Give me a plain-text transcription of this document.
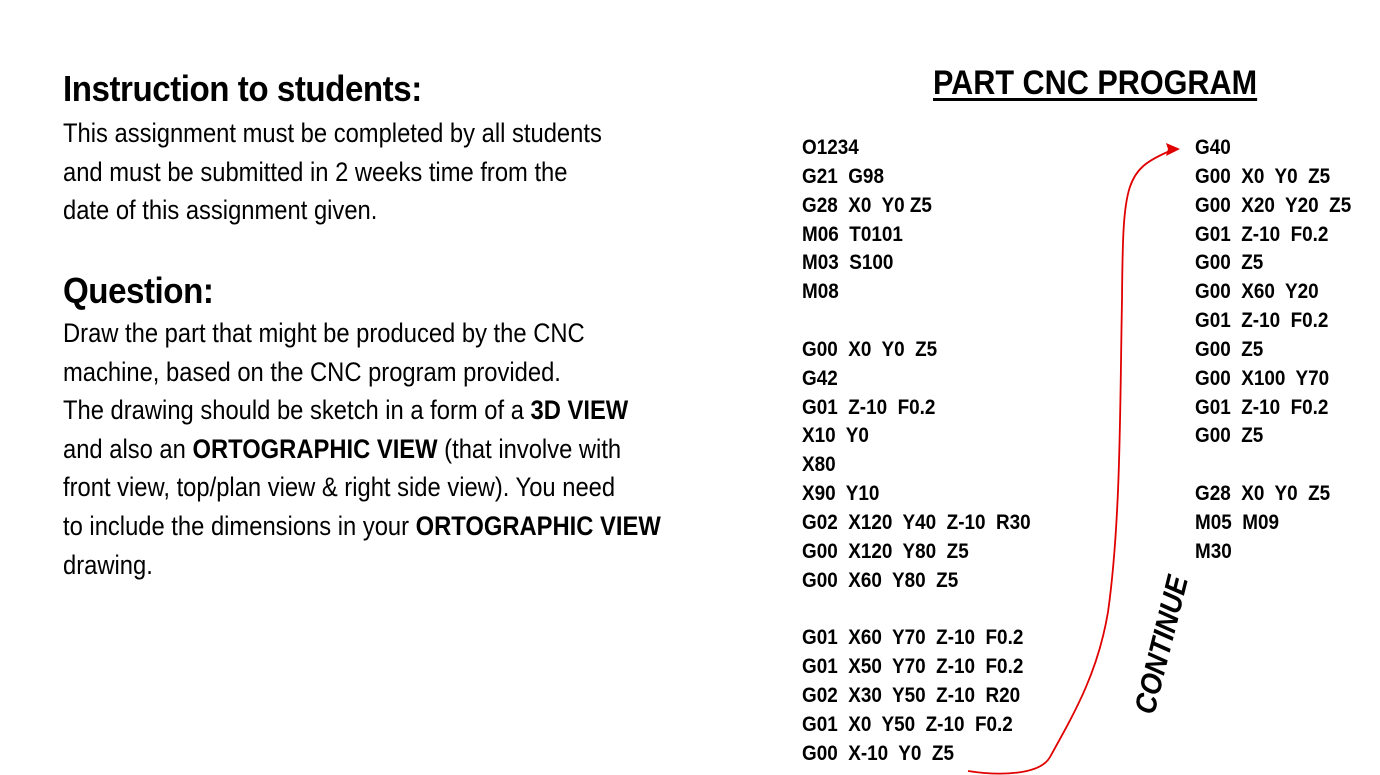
Instruction to students:
This assignment must be completed by all students
and must be submitted in 2 weeks time from the
date of this assignment given.
Question:
Draw the part that might be produced by the CNC
machine, based on the CNC program provided.
The drawing should be sketch in a form of a 3D VIEW
and also an ORTOGRAPHIC VIEW (that involve with
front view, top/plan view & right side view). You need
to include the dimensions in your ORTOGRAPHIC VIEW
drawing.
PART CNC PROGRAM
O1234
G21  G98
G28  X0  Y0 Z5
M06  T0101
M03  S100
M08
G00  X0  Y0  Z5
G42
G01  Z-10  F0.2
X10  Y0
X80
X90  Y10
G02  X120  Y40  Z-10  R30
G00  X120  Y80  Z5
G00  X60  Y80  Z5
G01  X60  Y70  Z-10  F0.2
G01  X50  Y70  Z-10  F0.2
G02  X30  Y50  Z-10  R20
G01  X0  Y50  Z-10  F0.2
G00  X-10  Y0  Z5
G40
G00  X0  Y0  Z5
G00  X20  Y20  Z5
G01  Z-10  F0.2
G00  Z5
G00  X60  Y20
G01  Z-10  F0.2
G00  Z5
G00  X100  Y70
G01  Z-10  F0.2
G00  Z5
G28  X0  Y0  Z5
M05  M09
M30
CONTINUE
